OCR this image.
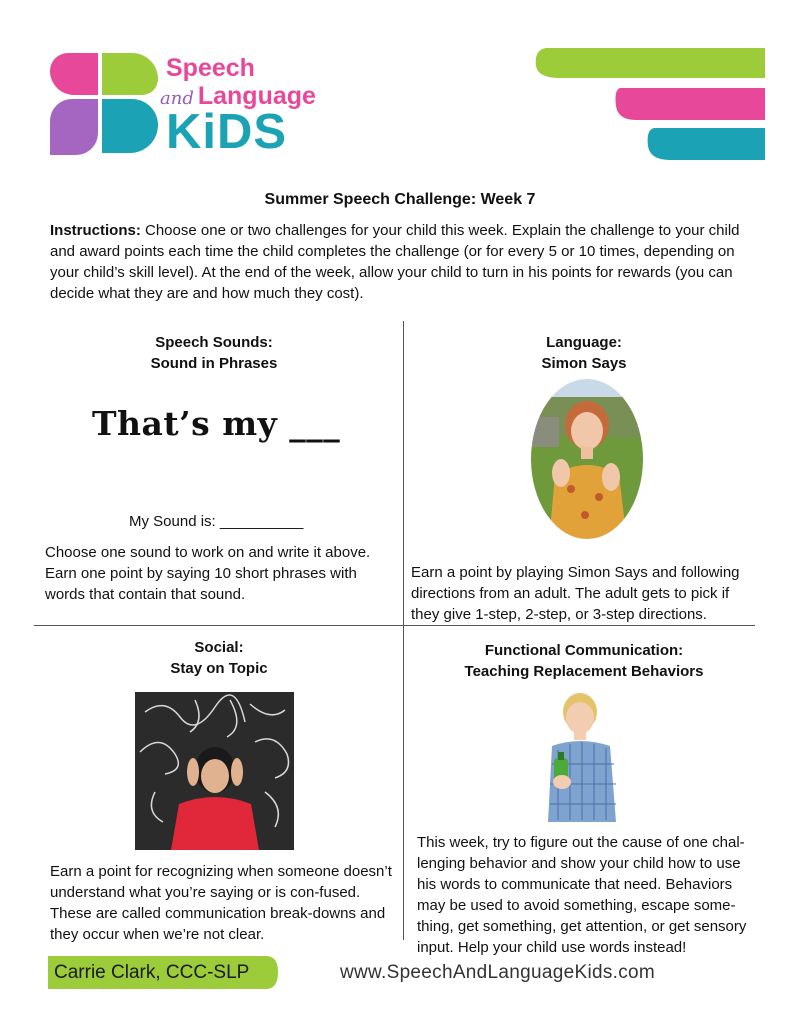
Speech
and Language
KiDS
Summer Speech Challenge: Week 7
Instructions: Choose one or two challenges for your child this week. Explain the challenge to your child and award points each time the child completes the challenge (or for every 5 or 10 times, depending on your child’s skill level). At the end of the week, allow your child to turn in his points for rewards (you can decide what they are and how much they cost).
Speech Sounds:
Sound in Phrases
That’s my ___
My Sound is: __________
Choose one sound to work on and write it above. Earn one point by saying 10 short phrases with words that contain that sound.
Language:
Simon Says
Earn a point by playing Simon Says and following directions from an adult. The adult gets to pick if they give 1-step, 2-step, or 3-step directions.
Social:
Stay on Topic
Earn a point for recognizing when someone doesn’t understand what you’re saying or is con-fused. These are called communication break-downs and they occur when we’re not clear.
Functional Communication:
Teaching Replacement Behaviors
This week, try to figure out the cause of one chal-lenging behavior and show your child how to use his words to communicate that need. Behaviors may be used to avoid something, escape some-thing, get something, get attention, or get sensory input. Help your child use words instead!
Carrie Clark, CCC-SLP	www.SpeechAndLanguageKids.com
